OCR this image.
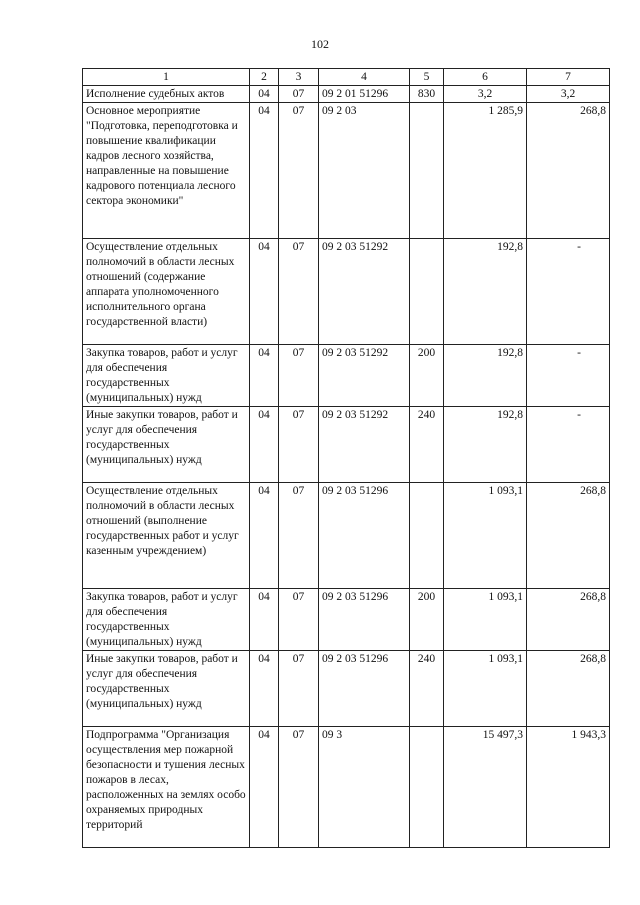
102
1	2	3	4	5	6	7
Исполнение судебных актов	04	07	09 2 01 51296	830	3,2	3,2
Основное мероприятие "Подготовка, переподготовка и повышение квалификации кадров лесного хозяйства, направленные на повышение кадрового потенциала лесного сектора экономики"	04	07	09 2 03		1 285,9	268,8
Осуществление отдельных полномочий в области лесных отношений (содержание аппарата уполномоченного исполнительного органа государственной власти)	04	07	09 2 03 51292		192,8	-
Закупка товаров, работ и услуг для обеспечения государственных (муниципальных) нужд	04	07	09 2 03 51292	200	192,8	-
Иные закупки товаров, работ и услуг для обеспечения государственных (муниципальных) нужд	04	07	09 2 03 51292	240	192,8	-
Осуществление отдельных полномочий в области лесных отношений (выполнение государственных работ и услуг казенным учреждением)	04	07	09 2 03 51296		1 093,1	268,8
Закупка товаров, работ и услуг для обеспечения государственных (муниципальных) нужд	04	07	09 2 03 51296	200	1 093,1	268,8
Иные закупки товаров, работ и услуг для обеспечения государственных (муниципальных) нужд	04	07	09 2 03 51296	240	1 093,1	268,8
Подпрограмма "Организация осуществления мер пожарной безопасности и тушения лесных пожаров в лесах, расположенных на землях особо охраняемых природных территорий	04	07	09 3		15 497,3	1 943,3
